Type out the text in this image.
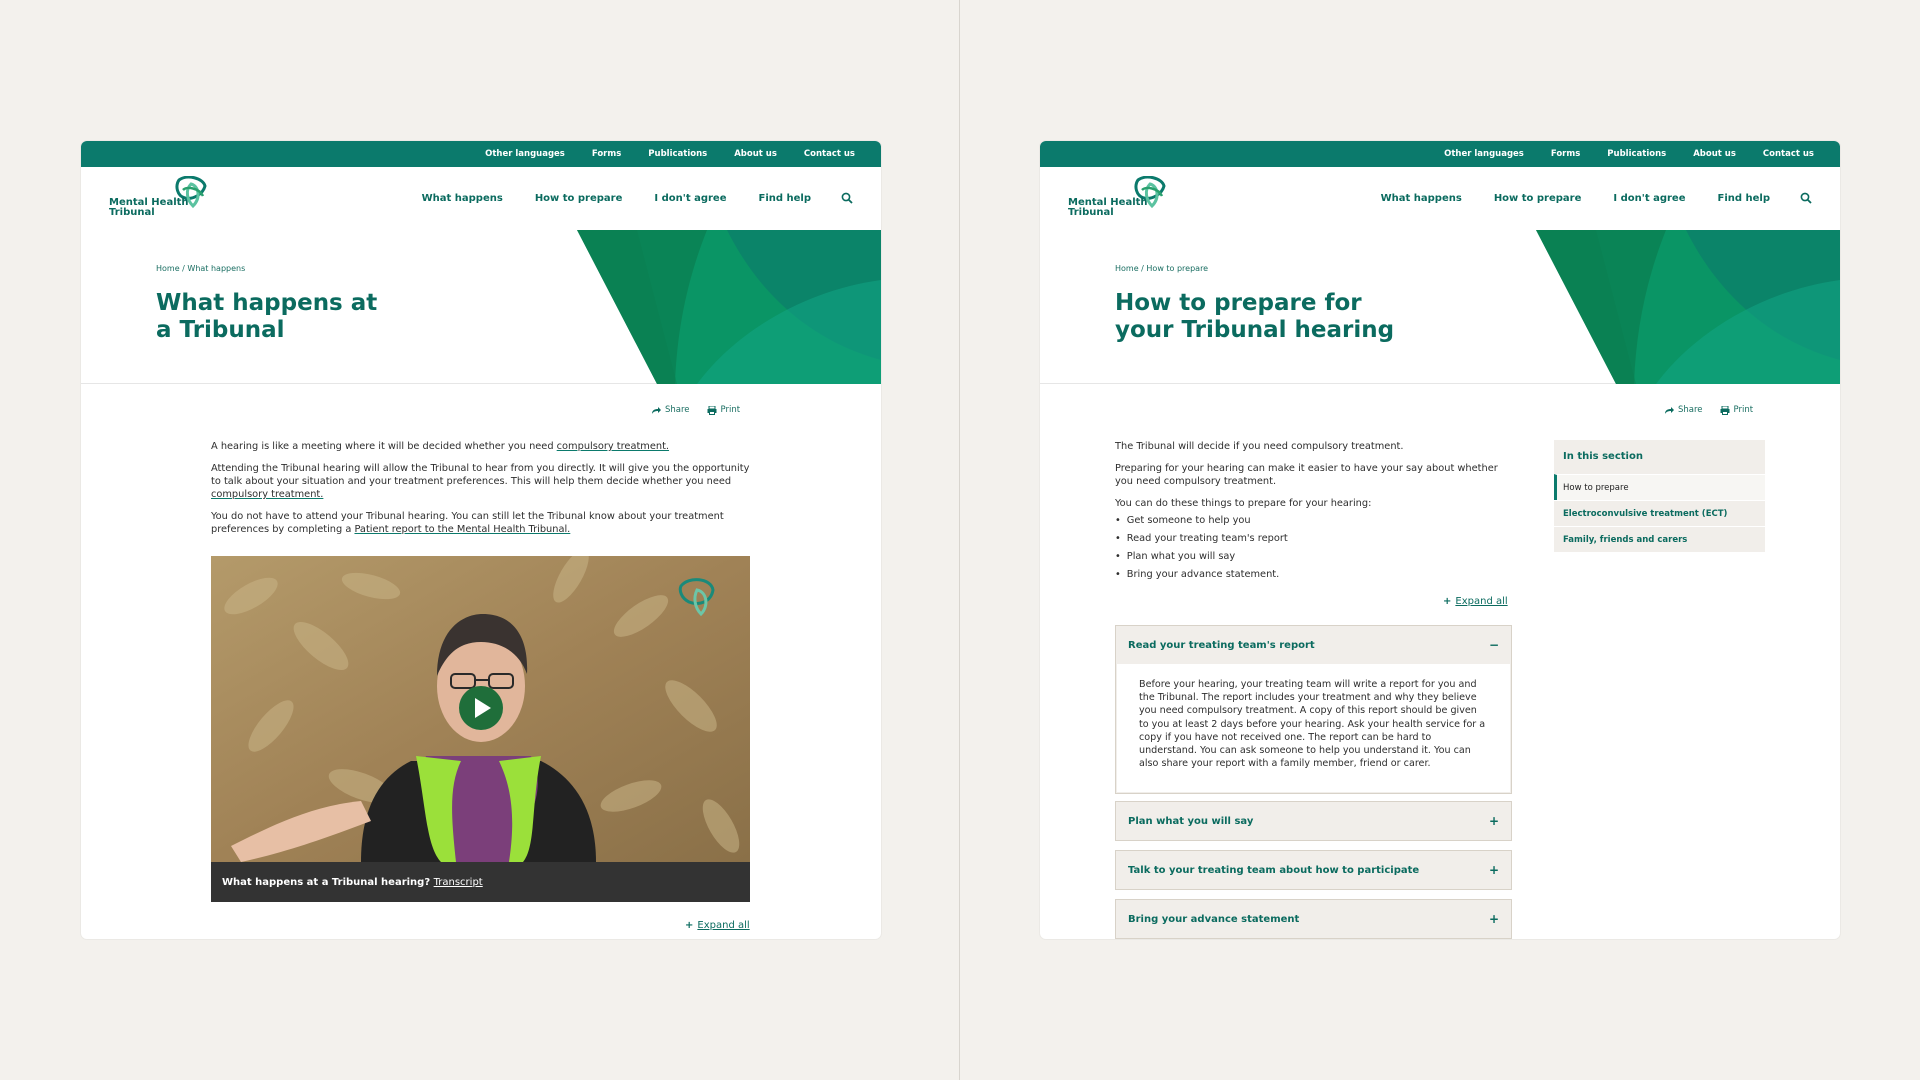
Other languages	Forms	Publications	About us	Contact us
Mental Health
Tribunal
What happens	How to prepare	I don't agree	Find help
Home / What happens
What happens at
a Tribunal
Share	Print

A hearing is like a meeting where it will be decided whether you need compulsory treatment.

Attending the Tribunal hearing will allow the Tribunal to hear from you directly. It will give you the opportunity to talk about your situation and your treatment preferences. This will help them decide whether you need compulsory treatment.

You do not have to attend your Tribunal hearing. You can still let the Tribunal know about your treatment preferences by completing a Patient report to the Mental Health Tribunal.

What happens at a Tribunal hearing? Transcript
+ Expand all
Other languages	Forms	Publications	About us	Contact us
Mental Health
Tribunal
What happens	How to prepare	I don't agree	Find help
Home / How to prepare
How to prepare for
your Tribunal hearing
Share	Print

The Tribunal will decide if you need compulsory treatment.

Preparing for your hearing can make it easier to have your say about whether you need compulsory treatment.

You can do these things to prepare for your hearing:

• Get someone to help you
• Read your treating team's report
• Plan what you will say
• Bring your advance statement.
In this section
How to prepare
Electroconvulsive treatment (ECT)
Family, friends and carers
+ Expand all
Read your treating team's report	−
Before your hearing, your treating team will write a report for you and the Tribunal. The report includes your treatment and why they believe you need compulsory treatment. A copy of this report should be given to you at least 2 days before your hearing. Ask your health service for a copy if you have not received one. The report can be hard to understand. You can ask someone to help you understand it. You can also share your report with a family member, friend or carer.
Plan what you will say	+
Talk to your treating team about how to participate	+
Bring your advance statement	+
